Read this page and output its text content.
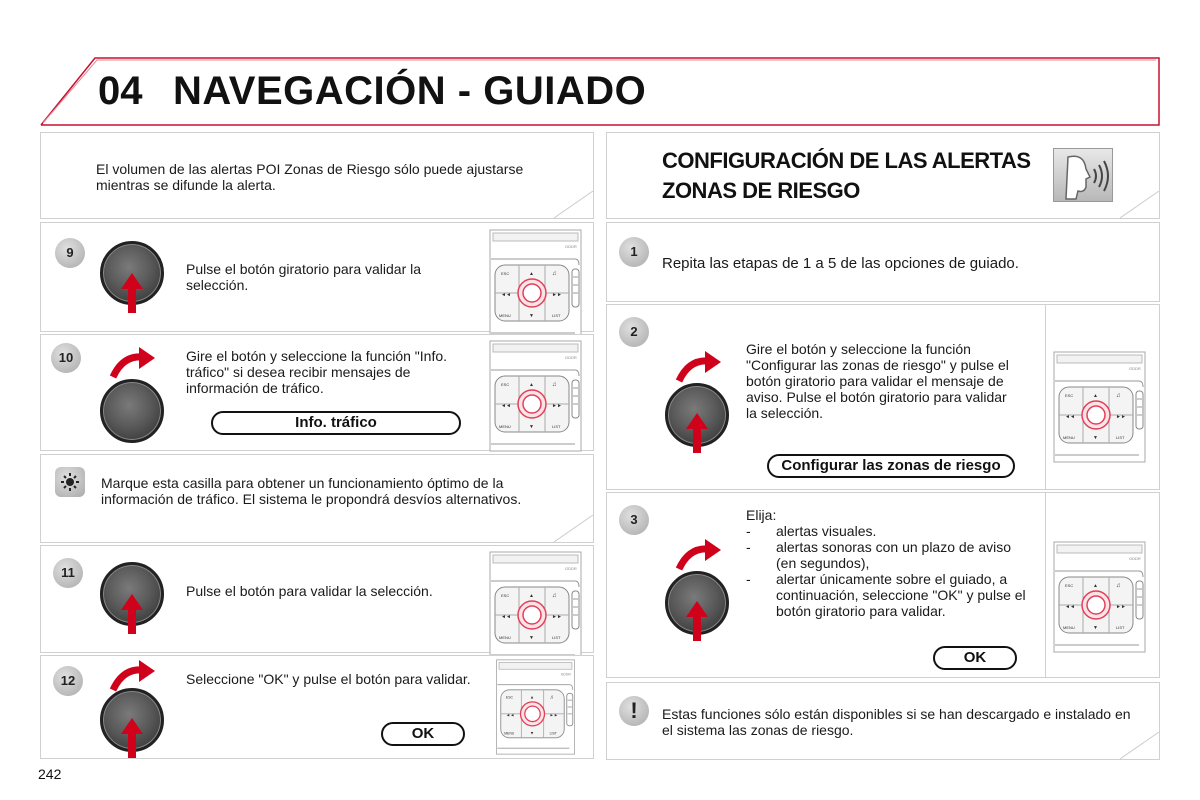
04 NAVEGACIÓN - GUIADO
El volumen de las alertas POI Zonas de Riesgo sólo puede ajustarse mientras se difunde la alerta.
9
Pulse el botón giratorio para validar la selección.
GDDR
ESC	▲	♫
◄◄	►►
MENU	▼	LIST
10	Gire el botón y seleccione la función "Info. tráfico" si desea recibir mensajes de información de tráfico.
Info. tráfico
GDDR
ESC	▲	♫
◄◄	►►
MENU	▼	LIST
Marque esta casilla para obtener un funcionamiento óptimo de la información de tráfico. El sistema le propondrá desvíos alternativos.
11
Pulse el botón para validar la selección.
GDDR
ESC	▲	♫
◄◄	►►
MENU	▼	LIST
12	Seleccione "OK" y pulse el botón para validar.
OK
GDDR
ESC	▲	♫
◄◄	►►
MENU	▼	LIST
CONFIGURACIÓN DE LAS ALERTAS
ZONAS DE RIESGO
1
Repita las etapas de 1 a 5 de las opciones de guiado.
2
Gire el botón y seleccione la función "Configurar las zonas de riesgo" y pulse el botón giratorio para validar el mensaje de aviso. Pulse el botón giratorio para validar la selección.
Configurar las zonas de riesgo
GDDR
ESC	▲	♫
◄◄	►►
MENU	▼	LIST
3	Elija:
- alertas visuales.
- alertas sonoras con un plazo de aviso (en segundos),
- alertar únicamente sobre el guiado, a continuación, seleccione "OK" y pulse el botón giratorio para validar.
OK
GDDR
ESC	▲	♫
◄◄	►►
MENU	▼	LIST
!	Estas funciones sólo están disponibles si se han descargado e instalado en el sistema las zonas de riesgo.
242
